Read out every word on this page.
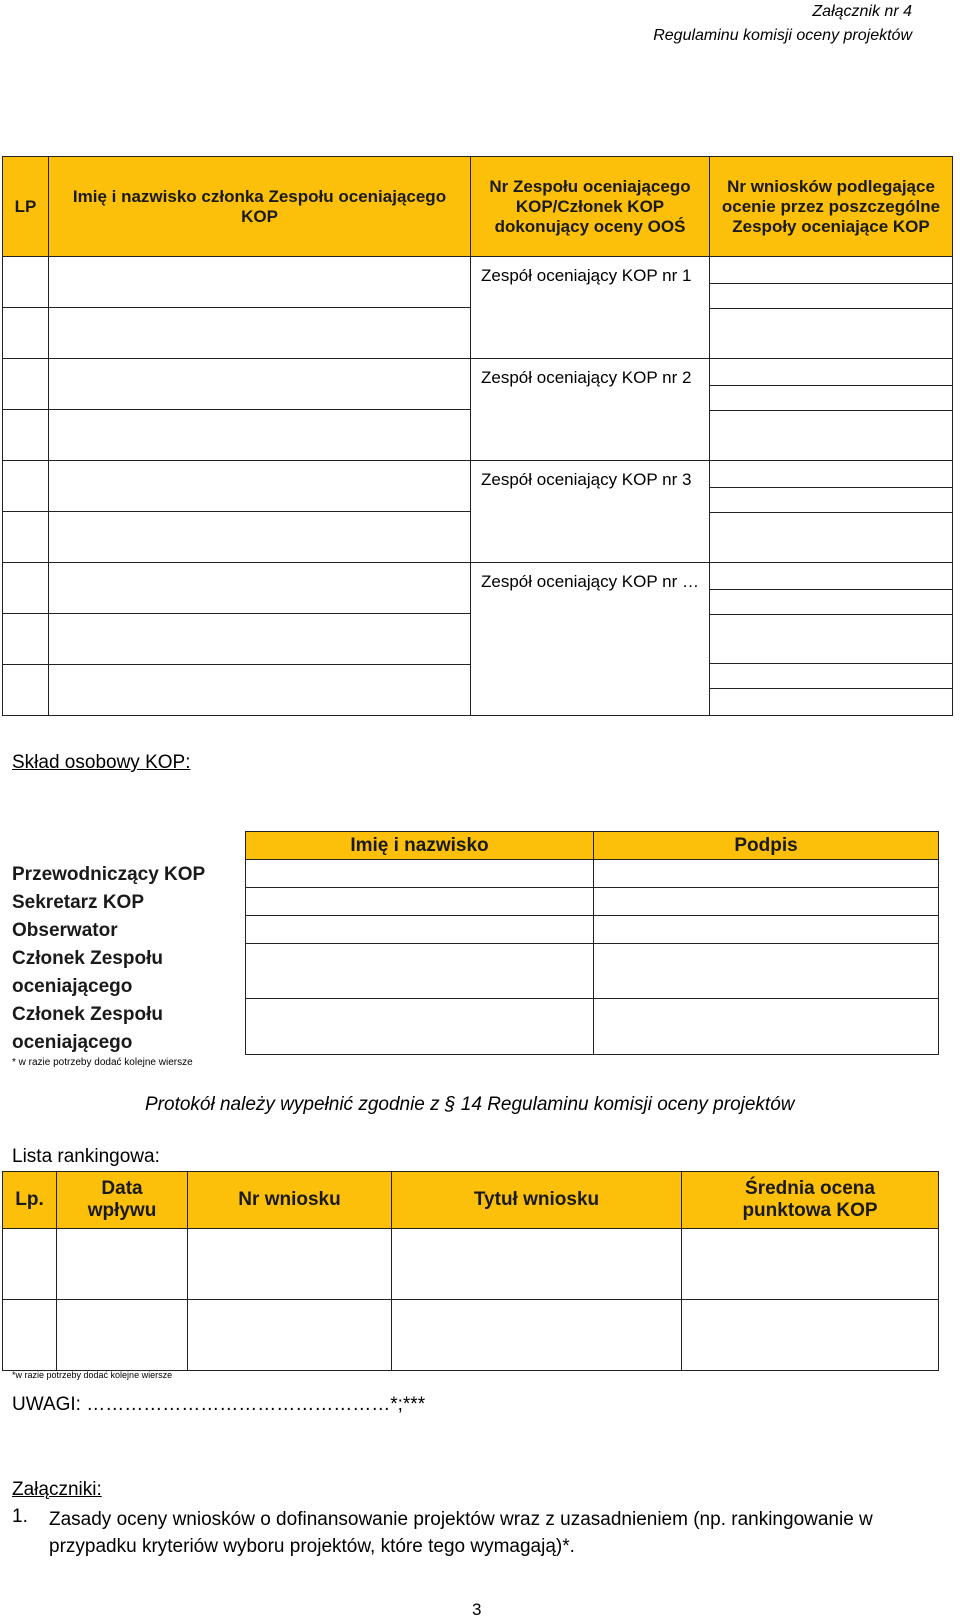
Załącznik nr 4
Regulaminu komisji oceny projektów
LP	Imię i nazwisko członka Zespołu oceniającego KOP	Nr Zespołu oceniającego KOP/Członek KOP dokonujący oceny OOŚ	Nr wniosków podlegające ocenie przez poszczególne Zespoły oceniające KOP
		Zespół oceniający KOP nr 1	

		Zespół oceniający KOP nr 2	

		Zespół oceniający KOP nr 3	

		Zespół oceniający KOP nr …	

Skład osobowy KOP:
Imię i nazwisko	Podpis

Przewodniczący KOP
Sekretarz KOP
Obserwator
Członek Zespołu oceniającego
Członek Zespołu oceniającego
* w razie potrzeby dodać kolejne wiersze
Protokół należy wypełnić zgodnie z § 14 Regulaminu komisji oceny projektów
Lista rankingowa:
Lp.	Data wpływu	Nr wniosku	Tytuł wniosku	Średnia ocena punktowa KOP

*w razie potrzeby dodać kolejne wiersze
UWAGI: …………………………………………*;***
Załączniki:
1. Zasady oceny wniosków o dofinansowanie projektów wraz z uzasadnieniem (np. rankingowanie w przypadku kryteriów wyboru projektów, które tego wymagają)*.
3
